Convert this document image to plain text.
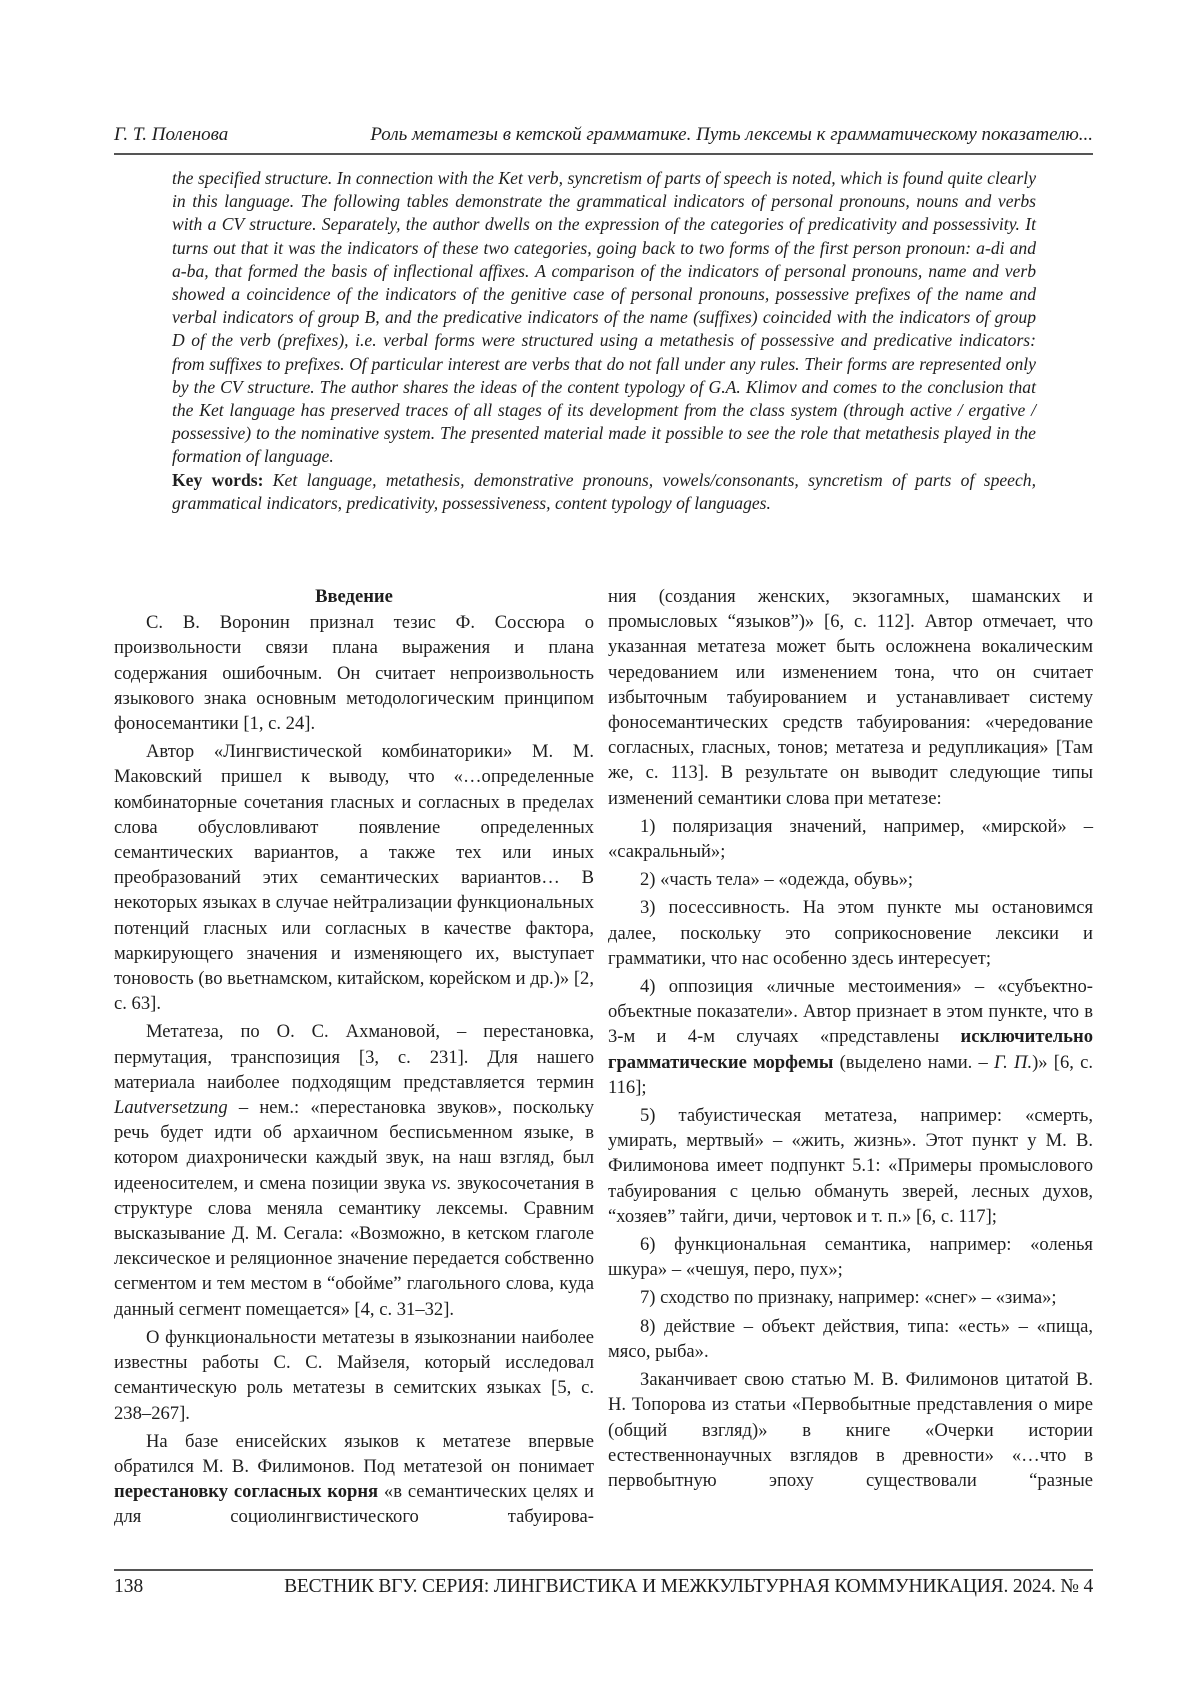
Г. Т. Поленова	Роль метатезы в кетской грамматике. Путь лексемы к грамматическому показателю...

the specified structure. In connection with the Ket verb, syncretism of parts of speech is noted, which is found quite clearly in this language. The following tables demonstrate the grammatical indicators of personal pronouns, nouns and verbs with a CV structure. Separately, the author dwells on the expression of the categories of predicativity and possessivity. It turns out that it was the indicators of these two categories, going back to two forms of the first person pronoun: a-di and a-ba, that formed the basis of inflectional affixes. A comparison of the indicators of personal pronouns, name and verb showed a coincidence of the indicators of the genitive case of personal pronouns, possessive prefixes of the name and verbal indicators of group B, and the predicative indicators of the name (suffixes) coincided with the indicators of group D of the verb (prefixes), i.e. verbal forms were structured using a metathesis of possessive and predicative indicators: from suffixes to prefixes. Of particular interest are verbs that do not fall under any rules. Their forms are represented only by the CV structure. The author shares the ideas of the content typology of G.A. Klimov and comes to the conclusion that the Ket language has preserved traces of all stages of its development from the class system (through active / ergative / possessive) to the nominative system. The presented material made it possible to see the role that metathesis played in the formation of language.

Key words: Ket language, metathesis, demonstrative pronouns, vowels/consonants, syncretism of parts of speech, grammatical indicators, predicativity, possessiveness, content typology of languages.

Введение

С. В. Воронин признал тезис Ф. Соссюра о произвольности связи плана выражения и плана содержания ошибочным. Он считает непроизвольность языкового знака основным методологическим принципом фоносемантики [1, с. 24].

Автор «Лингвистической комбинаторики» М. М. Маковский пришел к выводу, что «…определенные комбинаторные сочетания гласных и согласных в пределах слова обусловливают появление определенных семантических вариантов, а также тех или иных преобразований этих семантических вариантов… В некоторых языках в случае нейтрализации функциональных потенций гласных или согласных в качестве фактора, маркирующего значения и изменяющего их, выступает тоновость (во вьетнамском, китайском, корейском и др.)» [2, с. 63].

Метатеза, по О. С. Ахмановой, – перестановка, пермутация, транспозиция [3, с. 231]. Для нашего материала наиболее подходящим представляется термин Lautversetzung – нем.: «перестановка звуков», поскольку речь будет идти об архаичном бесписьменном языке, в котором диахронически каждый звук, на наш взгляд, был идееносителем, и смена позиции звука vs. звукосочетания в структуре слова меняла семантику лексемы. Сравним высказывание Д. М. Сегала: «Возможно, в кетском глаголе лексическое и реляционное значение передается собственно сегментом и тем местом в “обойме” глагольного слова, куда данный сегмент помещается» [4, с. 31–32].

О функциональности метатезы в языкознании наиболее известны работы С. С. Майзеля, который исследовал семантическую роль метатезы в семитских языках [5, с. 238–267].

На базе енисейских языков к метатезе впервые обратился М. В. Филимонов. Под метатезой он понимает перестановку согласных корня «в семантических целях и для социолингвистического табуирова-

ния (создания женских, экзогамных, шаманских и промысловых “языков”)» [6, с. 112]. Автор отмечает, что указанная метатеза может быть осложнена вокалическим чередованием или изменением тона, что он считает избыточным табуированием и устанавливает систему фоносемантических средств табуирования: «чередование согласных, гласных, тонов; метатеза и редупликация» [Там же, с. 113]. В результате он выводит следующие типы изменений семантики слова при метатезе:

1) поляризация значений, например, «мирской» – «сакральный»;

2) «часть тела» – «одежда, обувь»;

3) посессивность. На этом пункте мы остановимся далее, поскольку это соприкосновение лексики и грамматики, что нас особенно здесь интересует;

4) оппозиция «личные местоимения» – «субъектно-объектные показатели». Автор признает в этом пункте, что в 3-м и 4-м случаях «представлены исключительно грамматические морфемы (выделено нами. – Г. П.)» [6, с. 116];

5) табуистическая метатеза, например: «смерть, умирать, мертвый» – «жить, жизнь». Этот пункт у М. В. Филимонова имеет подпункт 5.1: «Примеры промыслового табуирования с целью обмануть зверей, лесных духов, “хозяев” тайги, дичи, чертовок и т. п.» [6, с. 117];

6) функциональная семантика, например: «оленья шкура» – «чешуя, перо, пух»;

7) сходство по признаку, например: «снег» – «зима»;

8) действие – объект действия, типа: «есть» – «пища, мясо, рыба».

Заканчивает свою статью М. В. Филимонов цитатой В. Н. Топорова из статьи «Первобытные представления о мире (общий взгляд)» в книге «Очерки истории естественнонаучных взглядов в древности» «…что в первобытную эпоху существовали “разные

138	ВЕСТНИК ВГУ. СЕРИЯ: ЛИНГВИСТИКА И МЕЖКУЛЬТУРНАЯ КОММУНИКАЦИЯ. 2024. № 4
